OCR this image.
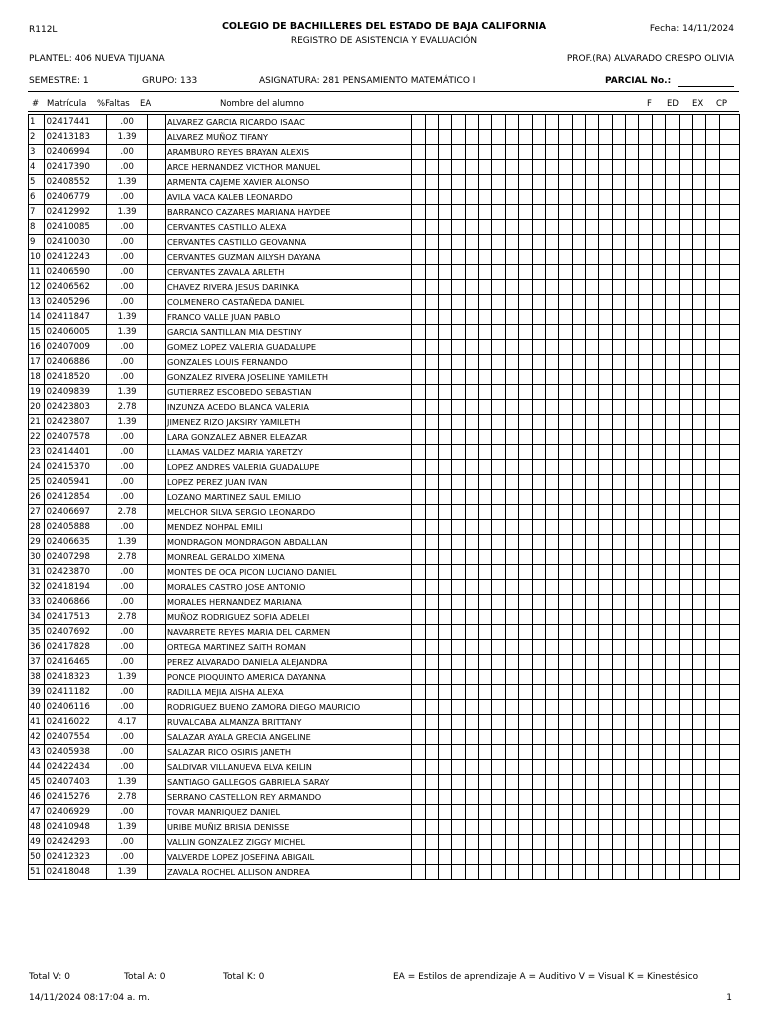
R112L	COLEGIO DE BACHILLERES DEL ESTADO DE BAJA CALIFORNIA
REGISTRO DE ASISTENCIA Y EVALUACIÓN
Fecha: 14/11/2024
PLANTEL: 406 NUEVA TIJUANA	PROF.(RA) ALVARADO CRESPO OLIVIA
SEMESTRE: 1	GRUPO: 133	ASIGNATURA: 281 PENSAMIENTO MATEMÁTICO I	PARCIAL No.:
# Matrícula %Faltas EA	Nombre del alumno	F ED EX CP
1	02417441	.00		ALVAREZ GARCIA RICARDO ISAAC																								
2	02413183	1.39		ALVAREZ MUÑOZ TIFANY																								
3	02406994	.00		ARAMBURO REYES BRAYAN ALEXIS																								
4	02417390	.00		ARCE HERNANDEZ VICTHOR MANUEL																								
5	02408552	1.39		ARMENTA CAJEME XAVIER ALONSO																								
6	02406779	.00		AVILA VACA KALEB LEONARDO																								
7	02412992	1.39		BARRANCO CAZARES MARIANA HAYDEE																								
8	02410085	.00		CERVANTES CASTILLO ALEXA																								
9	02410030	.00		CERVANTES CASTILLO GEOVANNA																								
10	02412243	.00		CERVANTES GUZMAN AILYSH DAYANA																								
11	02406590	.00		CERVANTES ZAVALA ARLETH																								
12	02406562	.00		CHAVEZ RIVERA JESUS DARINKA																								
13	02405296	.00		COLMENERO CASTAÑEDA DANIEL																								
14	02411847	1.39		FRANCO VALLE JUAN PABLO																								
15	02406005	1.39		GARCIA SANTILLAN MIA DESTINY																								
16	02407009	.00		GOMEZ LOPEZ VALERIA GUADALUPE																								
17	02406886	.00		GONZALES LOUIS FERNANDO																								
18	02418520	.00		GONZALEZ RIVERA JOSELINE YAMILETH																								
19	02409839	1.39		GUTIERREZ ESCOBEDO SEBASTIAN																								
20	02423803	2.78		INZUNZA ACEDO BLANCA VALERIA																								
21	02423807	1.39		JIMENEZ RIZO JAKSIRY YAMILETH																								
22	02407578	.00		LARA GONZALEZ ABNER ELEAZAR																								
23	02414401	.00		LLAMAS VALDEZ MARIA YARETZY																								
24	02415370	.00		LOPEZ ANDRES VALERIA GUADALUPE																								
25	02405941	.00		LOPEZ PEREZ JUAN IVAN																								
26	02412854	.00		LOZANO MARTINEZ SAUL EMILIO																								
27	02406697	2.78		MELCHOR SILVA SERGIO LEONARDO																								
28	02405888	.00		MENDEZ NOHPAL EMILI																								
29	02406635	1.39		MONDRAGON MONDRAGON ABDALLAN																								
30	02407298	2.78		MONREAL GERALDO XIMENA																								
31	02423870	.00		MONTES DE OCA PICON LUCIANO DANIEL																								
32	02418194	.00		MORALES CASTRO JOSE ANTONIO																								
33	02406866	.00		MORALES HERNANDEZ MARIANA																								
34	02417513	2.78		MUÑOZ RODRIGUEZ SOFIA ADELEI																								
35	02407692	.00		NAVARRETE REYES MARIA DEL CARMEN																								
36	02417828	.00		ORTEGA MARTINEZ SAITH ROMAN																								
37	02416465	.00		PEREZ ALVARADO DANIELA ALEJANDRA																								
38	02418323	1.39		PONCE PIOQUINTO AMERICA DAYANNA																								
39	02411182	.00		RADILLA MEJIA AISHA ALEXA																								
40	02406116	.00		RODRIGUEZ BUENO ZAMORA DIEGO MAURICIO																								
41	02416022	4.17		RUVALCABA ALMANZA BRITTANY																								
42	02407554	.00		SALAZAR AYALA GRECIA ANGELINE																								
43	02405938	.00		SALAZAR RICO OSIRIS JANETH																								
44	02422434	.00		SALDIVAR VILLANUEVA ELVA KEILIN																								
45	02407403	1.39		SANTIAGO GALLEGOS GABRIELA SARAY																								
46	02415276	2.78		SERRANO CASTELLON REY ARMANDO																								
47	02406929	.00		TOVAR MANRIQUEZ DANIEL																								
48	02410948	1.39		URIBE MUÑIZ BRISIA DENISSE																								
49	02424293	.00		VALLIN GONZALEZ ZIGGY MICHEL																								
50	02412323	.00		VALVERDE LOPEZ JOSEFINA ABIGAIL																								
51	02418048	1.39		ZAVALA ROCHEL ALLISON ANDREA																								
Total V: 0	Total A: 0	Total K: 0	EA = Estilos de aprendizaje A = Auditivo V = Visual K = Kinestésico
14/11/2024 08:17:04 a. m.	1
